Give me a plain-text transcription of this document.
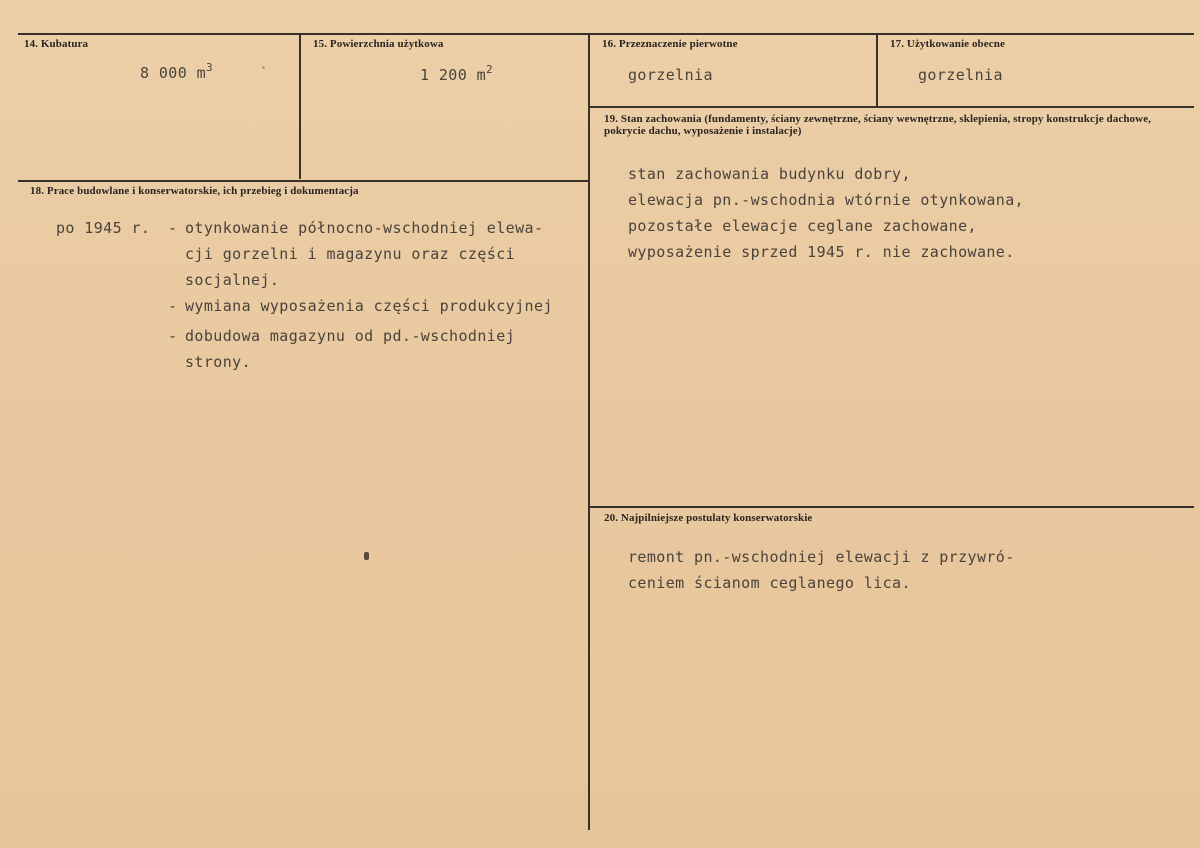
14. Kubatura
8 000 $m^3$
15. Powierzchnia użytkowa
1 200 $m^2$
16. Przeznaczenie pierwotne
gorzelnia
17. Użytkowanie obecne
gorzelnia
19. Stan zachowania (fundamenty, ściany zewnętrzne, ściany wewnętrzne, sklepienia, stropy konstrukcje dachowe, pokrycie dachu, wyposażenie i instalacje)
stan zachowania budynku dobry,
elewacja pn.-wschodnia wtórnie otynkowana,
pozostałe elewacje ceglane zachowane,
wyposażenie sprzed 1945 r. nie zachowane.
18. Prace budowlane i konserwatorskie, ich przebieg i dokumentacja
po 1945 r. - otynkowanie północno-wschodniej elewa-
cji gorzelni i magazynu oraz części
socjalnej.
- wymiana wyposażenia części produkcyjnej
- dobudowa magazynu od pd.-wschodniej
strony.
20. Najpilniejsze postulaty konserwatorskie
remont pn.-wschodniej elewacji z przywró-
ceniem ścianom ceglanego lica.
